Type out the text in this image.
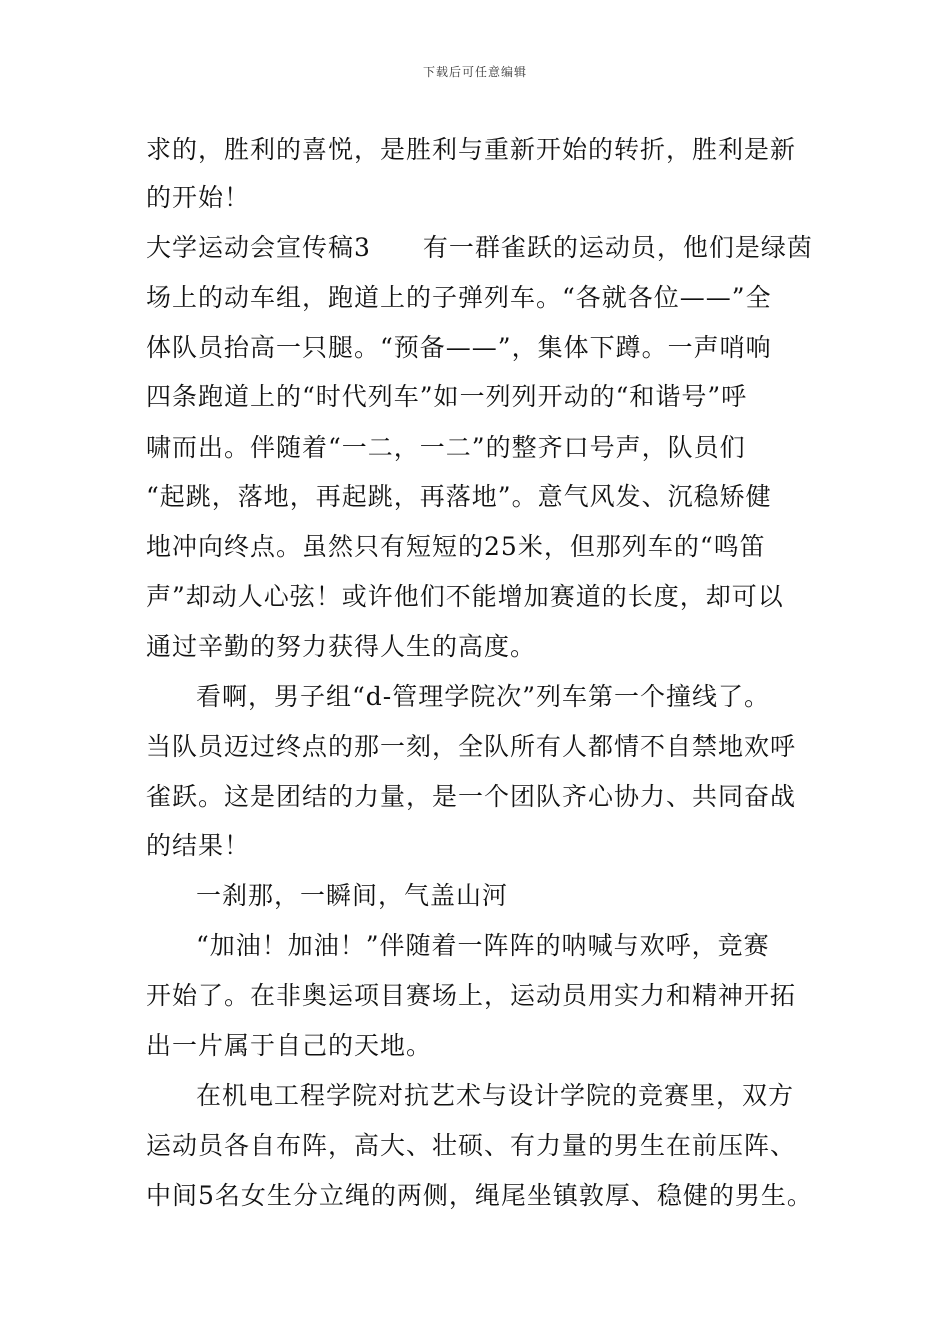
下载后可任意编辑
求的，胜利的喜悦，是胜利与重新开始的转折，胜利是新
的开始！
大学运动会宣传稿3　　有一群雀跃的运动员，他们是绿茵
场上的动车组，跑道上的子弹列车。“各就各位——”全
体队员抬高一只腿。“预备——”，集体下蹲。一声哨响
四条跑道上的“时代列车”如一列列开动的“和谐号”呼
啸而出。伴随着“一二，一二”的整齐口号声，队员们
“起跳，落地，再起跳，再落地”。意气风发、沉稳矫健
地冲向终点。虽然只有短短的25米，但那列车的“鸣笛
声”却动人心弦！或许他们不能增加赛道的长度，却可以
通过辛勤的努力获得人生的高度。
看啊，男子组“d-管理学院次”列车第一个撞线了。
当队员迈过终点的那一刻，全队所有人都情不自禁地欢呼
雀跃。这是团结的力量，是一个团队齐心协力、共同奋战
的结果！
一刹那，一瞬间，气盖山河
“加油！加油！”伴随着一阵阵的呐喊与欢呼，竞赛
开始了。在非奥运项目赛场上，运动员用实力和精神开拓
出一片属于自己的天地。
在机电工程学院对抗艺术与设计学院的竞赛里，双方
运动员各自布阵，高大、壮硕、有力量的男生在前压阵、
中间5名女生分立绳的两侧，绳尾坐镇敦厚、稳健的男生。
